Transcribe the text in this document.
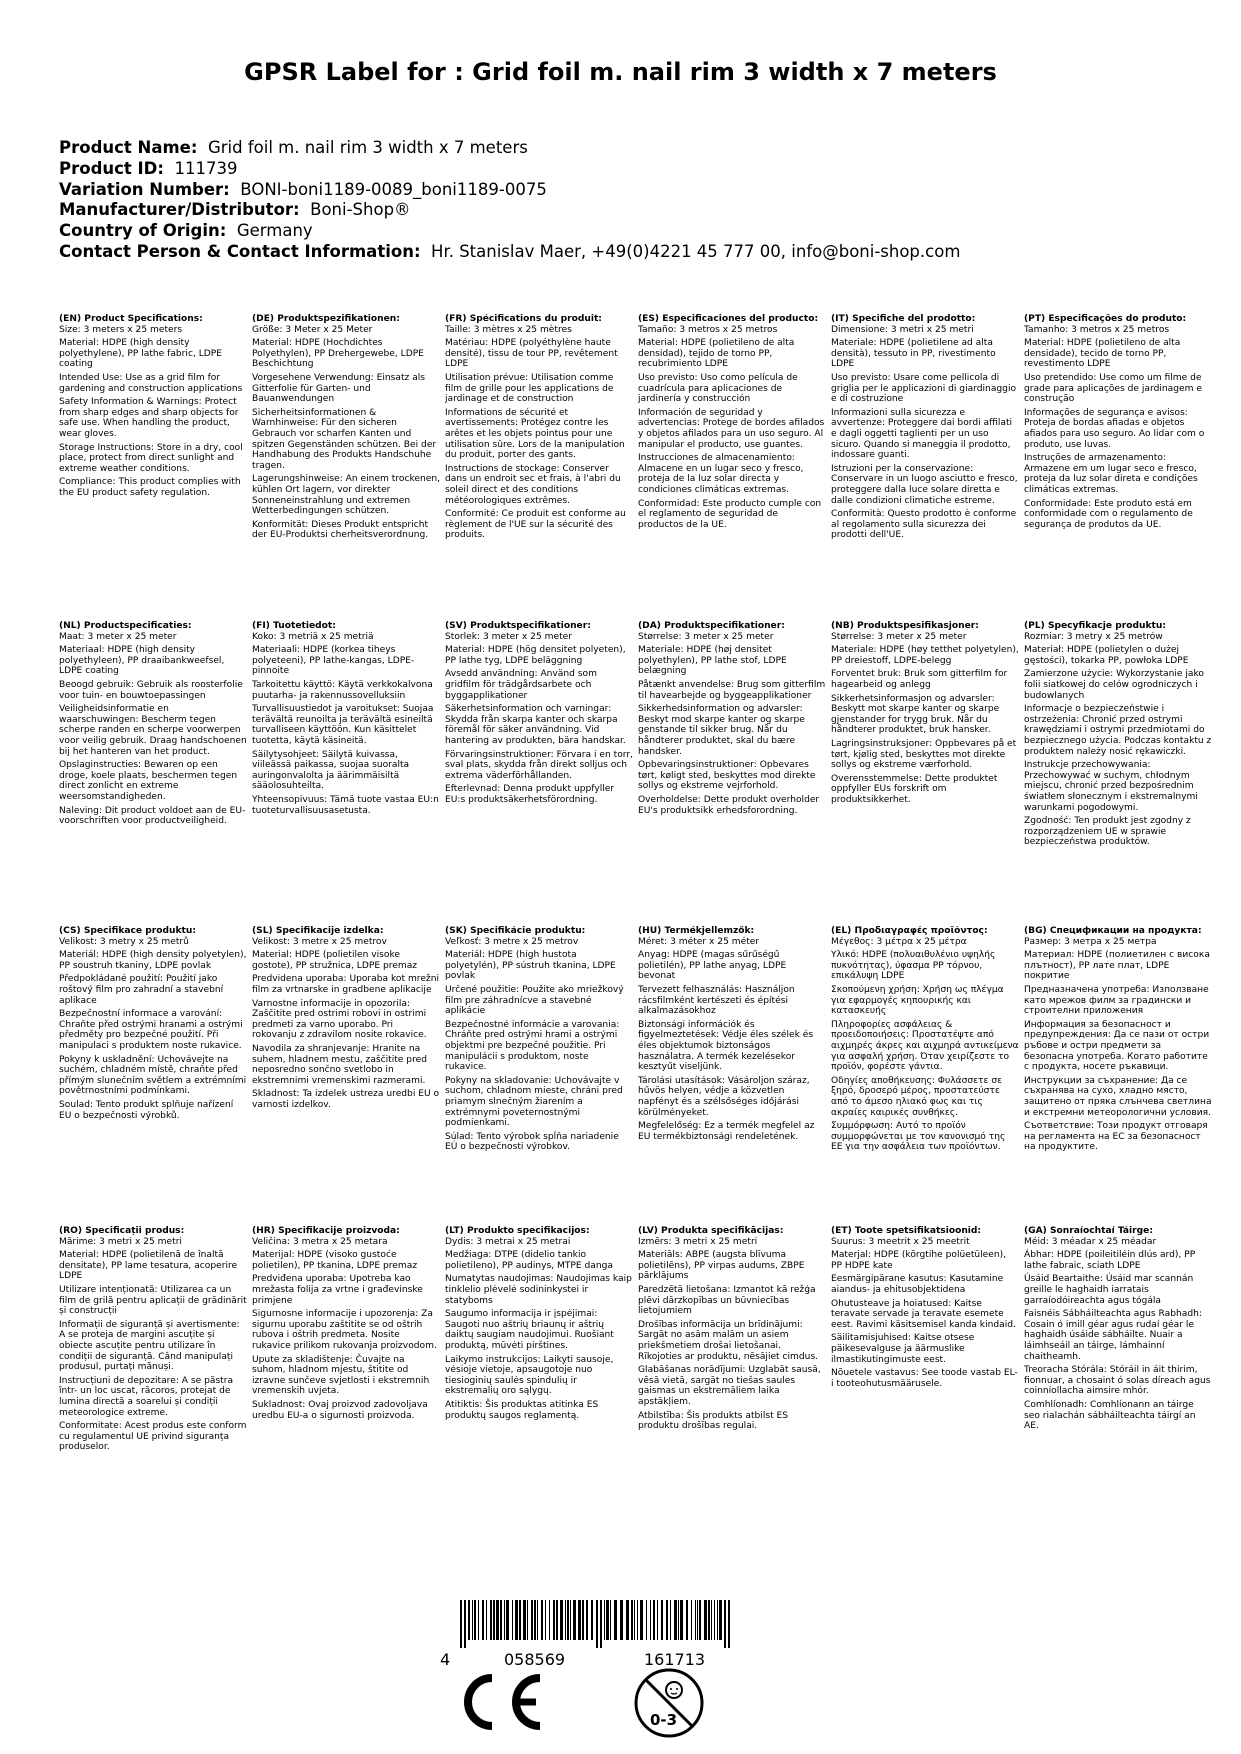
GPSR Label for : Grid foil m. nail rim 3 width x 7 meters
Product Name: Grid foil m. nail rim 3 width x 7 meters
Product ID: 111739
Variation Number: BONI-boni1189-0089_boni1189-0075
Manufacturer/Distributor: Boni-Shop®
Country of Origin: Germany
Contact Person & Contact Information: Hr. Stanislav Maer, +49(0)4221 45 777 00, info@boni-shop.com
(EN) Product Specifications:
Size: 3 meters x 25 meters
Material: HDPE (high density polyethylene), PP lathe fabric, LDPE coating
Intended Use: Use as a grid film for gardening and construction applications
Safety Information & Warnings: Protect from sharp edges and sharp objects for safe use. When handling the product, wear gloves.
Storage Instructions: Store in a dry, cool place, protect from direct sunlight and extreme weather conditions.
Compliance: This product complies with the EU product safety regulation.
(DE) Produktspezifikationen:
Größe: 3 Meter x 25 Meter
Material: HDPE (Hochdichtes Polyethylen), PP Drehergewebe, LDPE Beschichtung
Vorgesehene Verwendung: Einsatz als Gitterfolie für Garten- und Bauanwendungen
Sicherheitsinformationen & Warnhinweise: Für den sicheren Gebrauch vor scharfen Kanten und spitzen Gegenständen schützen. Bei der Handhabung des Produkts Handschuhe tragen.
Lagerungshinweise: An einem trockenen, kühlen Ort lagern, vor direkter Sonneneinstrahlung und extremen Wetterbedingungen schützen.
Konformität: Dieses Produkt entspricht der EU-Produktsi cherheitsverordnung.
(FR) Spécifications du produit:
Taille: 3 mètres x 25 mètres
Matériau: HDPE (polyéthylène haute densité), tissu de tour PP, revêtement LDPE
Utilisation prévue: Utilisation comme film de grille pour les applications de jardinage et de construction
Informations de sécurité et avertissements: Protégez contre les arêtes et les objets pointus pour une utilisation sûre. Lors de la manipulation du produit, porter des gants.
Instructions de stockage: Conserver dans un endroit sec et frais, à l'abri du soleil direct et des conditions météorologiques extrêmes.
Conformité: Ce produit est conforme au règlement de l'UE sur la sécurité des produits.
(ES) Especificaciones del producto:
Tamaño: 3 metros x 25 metros
Material: HDPE (polietileno de alta densidad), tejido de torno PP, recubrimiento LDPE
Uso previsto: Uso como película de cuadrícula para aplicaciones de jardinería y construcción
Información de seguridad y advertencias: Protege de bordes afilados y objetos afilados para un uso seguro. Al manipular el producto, use guantes.
Instrucciones de almacenamiento: Almacene en un lugar seco y fresco, proteja de la luz solar directa y condiciones climáticas extremas.
Conformidad: Este producto cumple con el reglamento de seguridad de productos de la UE.
(IT) Specifiche del prodotto:
Dimensione: 3 metri x 25 metri
Materiale: HDPE (polietilene ad alta densità), tessuto in PP, rivestimento LDPE
Uso previsto: Usare come pellicola di griglia per le applicazioni di giardinaggio e di costruzione
Informazioni sulla sicurezza e avvertenze: Proteggere dai bordi affilati e dagli oggetti taglienti per un uso sicuro. Quando si maneggia il prodotto, indossare guanti.
Istruzioni per la conservazione: Conservare in un luogo asciutto e fresco, proteggere dalla luce solare diretta e dalle condizioni climatiche estreme.
Conformità: Questo prodotto è conforme al regolamento sulla sicurezza dei prodotti dell'UE.
(PT) Especificações do produto:
Tamanho: 3 metros x 25 metros
Material: HDPE (polietileno de alta densidade), tecido de torno PP, revestimento LDPE
Uso pretendido: Use como um filme de grade para aplicações de jardinagem e construção
Informações de segurança e avisos: Proteja de bordas afiadas e objetos afiados para uso seguro. Ao lidar com o produto, use luvas.
Instruções de armazenamento: Armazene em um lugar seco e fresco, proteja da luz solar direta e condições climáticas extremas.
Conformidade: Este produto está em conformidade com o regulamento de segurança de produtos da UE.
(NL) Productspecificaties:
Maat: 3 meter x 25 meter
Materiaal: HDPE (high density polyethyleen), PP draaibankweefsel, LDPE coating
Beoogd gebruik: Gebruik als roosterfolie voor tuin- en bouwtoepassingen
Veiligheidsinformatie en waarschuwingen: Bescherm tegen scherpe randen en scherpe voorwerpen voor veilig gebruik. Draag handschoenen bij het hanteren van het product.
Opslaginstructies: Bewaren op een droge, koele plaats, beschermen tegen direct zonlicht en extreme weersomstandigheden.
Naleving: Dit product voldoet aan de EU-voorschriften voor productveiligheid.
(FI) Tuotetiedot:
Koko: 3 metriä x 25 metriä
Materiaali: HDPE (korkea tiheys polyeteeni), PP lathe-kangas, LDPE-pinnoite
Tarkoitettu käyttö: Käytä verkkokalvona puutarha- ja rakennussovelluksiin
Turvallisuustiedot ja varoitukset: Suojaa terävältä reunoilta ja terävältä esineiltä turvalliseen käyttöön. Kun käsittelet tuotetta, käytä käsineitä.
Säilytysohjeet: Säilytä kuivassa, viileässä paikassa, suojaa suoralta auringonvalolta ja äärimmäisiltä sääolosuhteilta.
Yhteensopivuus: Tämä tuote vastaa EU:n tuoteturvallisuusasetusta.
(SV) Produktspecifikationer:
Storlek: 3 meter x 25 meter
Material: HDPE (hög densitet polyeten), PP lathe tyg, LDPE beläggning
Avsedd användning: Använd som gridfilm för trädgårdsarbete och byggapplikationer
Säkerhetsinformation och varningar: Skydda från skarpa kanter och skarpa föremål för säker användning. Vid hantering av produkten, bära handskar.
Förvaringsinstruktioner: Förvara i en torr, sval plats, skydda från direkt solljus och extrema väderförhållanden.
Efterlevnad: Denna produkt uppfyller EU:s produktsäkerhetsförordning.
(DA) Produktspecifikationer:
Størrelse: 3 meter x 25 meter
Materiale: HDPE (høj densitet polyethylen), PP lathe stof, LDPE belægning
Påtænkt anvendelse: Brug som gitterfilm til havearbejde og byggeapplikationer
Sikkerhedsinformation og advarsler: Beskyt mod skarpe kanter og skarpe genstande til sikker brug. Når du håndterer produktet, skal du bære handsker.
Opbevaringsinstruktioner: Opbevares tørt, køligt sted, beskyttes mod direkte sollys og ekstreme vejrforhold.
Overholdelse: Dette produkt overholder EU's produktsikk erhedsforordning.
(NB) Produktspesifikasjoner:
Størrelse: 3 meter x 25 meter
Materiale: HDPE (høy tetthet polyetylen), PP dreiestoff, LDPE-belegg
Forventet bruk: Bruk som gitterfilm for hagearbeid og anlegg
Sikkerhetsinformasjon og advarsler: Beskytt mot skarpe kanter og skarpe gjenstander for trygg bruk. Når du håndterer produktet, bruk hansker.
Lagringsinstruksjoner: Oppbevares på et tørt, kjølig sted, beskyttes mot direkte sollys og ekstreme værforhold.
Overensstemmelse: Dette produktet oppfyller EUs forskrift om produktsikkerhet.
(PL) Specyfikacje produktu:
Rozmiar: 3 metry x 25 metrów
Materiał: HDPE (polietylen o dużej gęstości), tokarka PP, powłoka LDPE
Zamierzone użycie: Wykorzystanie jako folii siatkowej do celów ogrodniczych i budowlanych
Informacje o bezpieczeństwie i ostrzeżenia: Chronić przed ostrymi krawędziami i ostrymi przedmiotami do bezpiecznego użycia. Podczas kontaktu z produktem należy nosić rękawiczki.
Instrukcje przechowywania: Przechowywać w suchym, chłodnym miejscu, chronić przed bezpośrednim światłem słonecznym i ekstremalnymi warunkami pogodowymi.
Zgodność: Ten produkt jest zgodny z rozporządzeniem UE w sprawie bezpieczeństwa produktów.
(CS) Specifikace produktu:
Velikost: 3 metry x 25 metrů
Materiál: HDPE (high density polyetylen), PP soustruh tkaniny, LDPE povlak
Předpokládané použití: Použití jako roštový film pro zahradní a stavební aplikace
Bezpečnostní informace a varování: Chraňte před ostrými hranami a ostrými předměty pro bezpečné použití. Při manipulaci s produktem noste rukavice.
Pokyny k uskladnění: Uchovávejte na suchém, chladném místě, chraňte před přímým slunečním světlem a extrémními povětrnostními podmínkami.
Soulad: Tento produkt splňuje nařízení EU o bezpečnosti výrobků.
(SL) Specifikacije izdelka:
Velikost: 3 metre x 25 metrov
Material: HDPE (polietilen visoke gostote), PP stružnica, LDPE premaz
Predvidena uporaba: Uporaba kot mrežni film za vrtnarske in gradbene aplikacije
Varnostne informacije in opozorila: Zaščitite pred ostrimi robovi in ostrimi predmeti za varno uporabo. Pri rokovanju z zdravilom nosite rokavice.
Navodila za shranjevanje: Hranite na suhem, hladnem mestu, zaščitite pred neposredno sončno svetlobo in ekstremnimi vremenskimi razmerami.
Skladnost: Ta izdelek ustreza uredbi EU o varnosti izdelkov.
(SK) Špecifikácie produktu:
Veľkosť: 3 metre x 25 metrov
Materiál: HDPE (high hustota polyetylén), PP sústruh tkanina, LDPE povlak
Určené použitie: Použite ako mriežkový film pre záhradnícve a stavebné aplikácie
Bezpečnostné informácie a varovania: Chráňte pred ostrými hrami a ostrými objektmi pre bezpečné použitie. Pri manipulácii s produktom, noste rukavice.
Pokyny na skladovanie: Uchovávajte v suchom, chladnom mieste, chráni pred priamym slnečným žiarením a extrémnymi poveternostnými podmienkami.
Súlad: Tento výrobok spĺňa nariadenie EÚ o bezpečnosti výrobkov.
(HU) Termékjellemzők:
Méret: 3 méter x 25 méter
Anyag: HDPE (magas sűrűségű polietilén), PP lathe anyag, LDPE bevonat
Tervezett felhasználás: Használjon rácsfilmként kertészeti és építési alkalmazásokhoz
Biztonsági információk és figyelmeztetések: Védje éles szélek és éles objektumok biztonságos használatra. A termék kezelésekor kesztyűt viseljünk.
Tárolási utasítások: Vásároljon száraz, hűvös helyen, védje a közvetlen napfényt és a szélsőséges időjárási körülményeket.
Megfelelőség: Ez a termék megfelel az EU termékbiztonsági rendeletének.
(EL) Προδιαγραφές προϊόντος:
Μέγεθος: 3 μέτρα x 25 μέτρα
Υλικό: HDPE (πολυαιθυλένιο υψηλής πυκνότητας), ύφασμα PP τόρνου, επικάλυψη LDPE
Σκοπούμενη χρήση: Χρήση ως πλέγμα για εφαρμογές κηπουρικής και κατασκευής
Πληροφορίες ασφάλειας & προειδοποιήσεις: Προστατέψτε από αιχμηρές άκρες και αιχμηρά αντικείμενα για ασφαλή χρήση. Όταν χειρίζεστε το προϊόν, φορέστε γάντια.
Οδηγίες αποθήκευσης: Φυλάσσετε σε ξηρό, δροσερό μέρος, προστατεύστε από το άμεσο ηλιακό φως και τις ακραίες καιρικές συνθήκες.
Συμμόρφωση: Αυτό το προϊόν συμμορφώνεται με τον κανονισμό της ΕΕ για την ασφάλεια των προϊόντων.
(BG) Спецификации на продукта:
Размер: 3 метра x 25 метра
Материал: HDPE (полиетилен с висока плътност), PP лате плат, LDPE покритие
Предназначена употреба: Използване като мрежов филм за градински и строителни приложения
Информация за безопасност и предупреждения: Да се пази от остри ръбове и остри предмети за безопасна употреба. Когато работите с продукта, носете ръкавици.
Инструкции за съхранение: Да се съхранява на сухо, хладно място, защитено от пряка слънчева светлина и екстремни метеорологични условия.
Съответствие: Този продукт отговаря на регламента на ЕС за безопасност на продуктите.
(RO) Specificații produs:
Mărime: 3 metri x 25 metri
Material: HDPE (polietilenă de înaltă densitate), PP lame tesatura, acoperire LDPE
Utilizare intenționată: Utilizarea ca un film de grilă pentru aplicații de grădinărit și construcții
Informații de siguranță și avertismente: A se proteja de margini ascuțite și obiecte ascuțite pentru utilizare în condiții de siguranță. Când manipulați produsul, purtați mănuși.
Instrucțiuni de depozitare: A se păstra într- un loc uscat, răcoros, protejat de lumina directă a soarelui și condiții meteorologice extreme.
Conformitate: Acest produs este conform cu regulamentul UE privind siguranța produselor.
(HR) Specifikacije proizvoda:
Veličina: 3 metra x 25 metara
Materijal: HDPE (visoko gustoće polietilen), PP tkanina, LDPE premaz
Predviđena uporaba: Upotreba kao mrežasta folija za vrtne i građevinske primjene
Sigurnosne informacije i upozorenja: Za sigurnu uporabu zaštitite se od oštrih rubova i oštrih predmeta. Nosite rukavice prilikom rukovanja proizvodom.
Upute za skladištenje: Čuvajte na suhom, hladnom mjestu, štitite od izravne sunčeve svjetlosti i ekstremnih vremenskih uvjeta.
Sukladnost: Ovaj proizvod zadovoljava uredbu EU-a o sigurnosti proizvoda.
(LT) Produkto specifikacijos:
Dydis: 3 metrai x 25 metrai
Medžiaga: DTPE (didelio tankio polietileno), PP audinys, MTPE danga
Numatytas naudojimas: Naudojimas kaip tinklelio plėvelė sodininkystei ir statyboms
Saugumo informacija ir įspėjimai: Saugoti nuo aštrių briaunų ir aštrių daiktų saugiam naudojimui. Ruošiant produktą, mūvėti pirštines.
Laikymo instrukcijos: Laikyti sausoje, vėsioje vietoje, apsaugotoje nuo tiesioginių saulės spindulių ir ekstremalių oro sąlygų.
Atitiktis: Šis produktas atitinka ES produktų saugos reglamentą.
(LV) Produkta specifikācijas:
Izmērs: 3 metri x 25 metri
Materiāls: ABPE (augsta blīvuma polietilēns), PP virpas audums, ZBPE pārklājums
Paredzētā lietošana: Izmantot kā režģa plēvi dārzkopības un būvniecības lietojumiem
Drošības informācija un brīdinājumi: Sargāt no asām malām un asiem priekšmetiem drošai lietošanai. Rīkojoties ar produktu, nēsājiet cimdus.
Glabāšanas norādījumi: Uzglabāt sausā, vēsā vietā, sargāt no tiešas saules gaismas un ekstremāliem laika apstākļiem.
Atbilstība: Šis produkts atbilst ES produktu drošības regulai.
(ET) Toote spetsifikatsioonid:
Suurus: 3 meetrit x 25 meetrit
Materjal: HDPE (kõrgtihe polüetüleen), PP HDPE kate
Eesmärgipärane kasutus: Kasutamine aiandus- ja ehitusobjektidena
Ohutusteave ja hoiatused: Kaitse teravate servade ja teravate esemete eest. Ravimi käsitsemisel kanda kindaid.
Säilitamisjuhised: Kaitse otsese päikesevalguse ja äärmuslike ilmastikutingimuste eest.
Nõuetele vastavus: See toode vastab EL-i tooteohutusmäärusele.
(GA) Sonraíochtaí Táirge:
Méid: 3 méadar x 25 méadar
Ábhar: HDPE (poileitiléin dlús ard), PP lathe fabraic, sciath LDPE
Úsáid Beartaithe: Úsáid mar scannán greille le haghaidh iarratais garraíodóireachta agus tógála
Faisnéis Sábháilteachta agus Rabhadh: Cosain ó imill géar agus rudaí géar le haghaidh úsáide sábháilte. Nuair a láimhseáil an táirge, lámhainní chaitheamh.
Treoracha Stórála: Stóráil in áit thirim, fionnuar, a chosaint ó solas díreach agus coinníollacha aimsire mhór.
Comhlíonadh: Comhlíonann an táirge seo rialachán sábháilteachta táirgí an AE.
4	058569	161713
0-3
